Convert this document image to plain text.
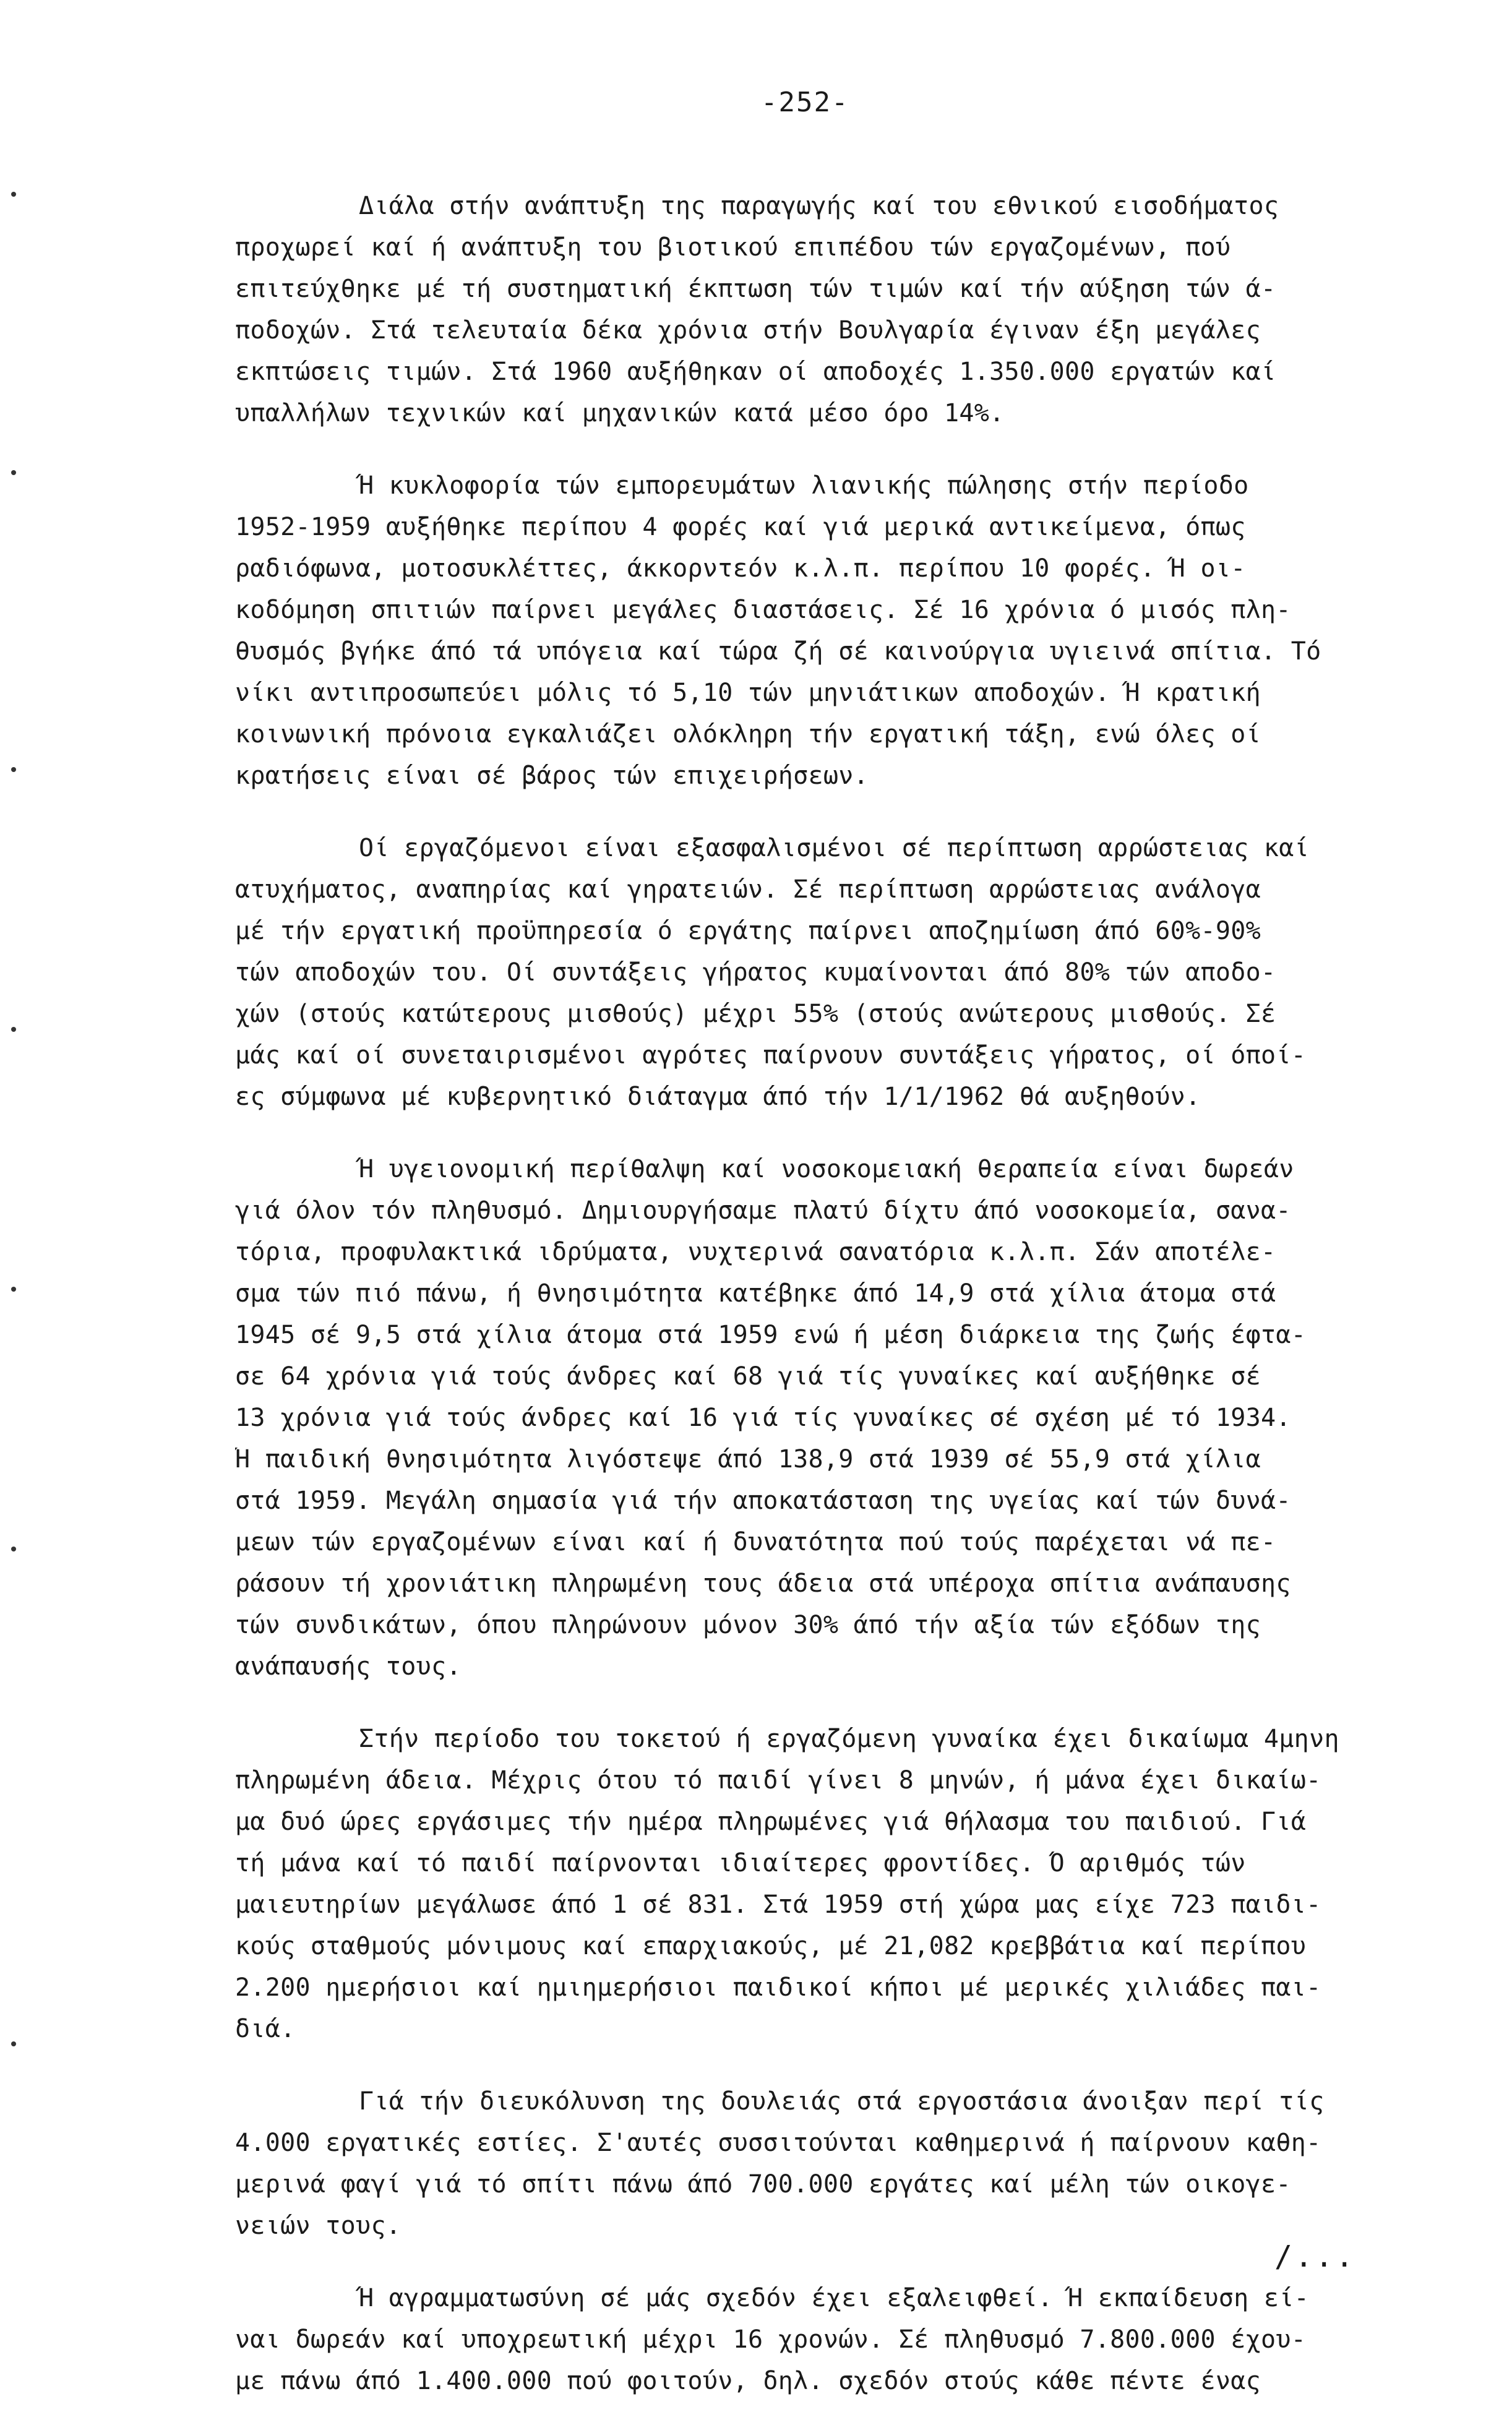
-252-
Διάλα στήν ανάπτυξη της παραγωγής καί του εθνικού εισοδήματος
προχωρεί καί ή ανάπτυξη του βιοτικού επιπέδου τών εργαζομένων, πού
επιτεύχθηκε μέ τή συστηματική έκπτωση τών τιμών καί τήν αύξηση τών ά-
ποδοχών. Στά τελευταία δέκα χρόνια στήν Βουλγαρία έγιναν έξη μεγάλες
εκπτώσεις τιμών. Στά 1960 αυξήθηκαν οί αποδοχές 1.350.000 εργατών καί
υπαλλήλων τεχνικών καί μηχανικών κατά μέσο όρο 14%.
Ή κυκλοφορία τών εμπορευμάτων λιανικής πώλησης στήν περίοδο
1952-1959 αυξήθηκε περίπου 4 φορές καί γιά μερικά αντικείμενα, όπως
ραδιόφωνα, μοτοσυκλέττες, άκκορντεόν κ.λ.π. περίπου 10 φορές. Ή οι-
κοδόμηση σπιτιών παίρνει μεγάλες διαστάσεις. Σέ 16 χρόνια ό μισός πλη-
θυσμός βγήκε άπό τά υπόγεια καί τώρα ζή σέ καινούργια υγιεινά σπίτια. Τό
νίκι αντιπροσωπεύει μόλις τό 5,10 τών μηνιάτικων αποδοχών. Ή κρατική
κοινωνική πρόνοια εγκαλιάζει ολόκληρη τήν εργατική τάξη, ενώ όλες οί
κρατήσεις είναι σέ βάρος τών επιχειρήσεων.
Οί εργαζόμενοι είναι εξασφαλισμένοι σέ περίπτωση αρρώστειας καί
ατυχήματος, αναπηρίας καί γηρατειών. Σέ περίπτωση αρρώστειας ανάλογα
μέ τήν εργατική προϋπηρεσία ό εργάτης παίρνει αποζημίωση άπό 60%-90%
τών αποδοχών του. Οί συντάξεις γήρατος κυμαίνονται άπό 80% τών αποδο-
χών (στούς κατώτερους μισθούς) μέχρι 55% (στούς ανώτερους μισθούς. Σέ
μάς καί οί συνεταιρισμένοι αγρότες παίρνουν συντάξεις γήρατος, οί όποί-
ες σύμφωνα μέ κυβερνητικό διάταγμα άπό τήν 1/1/1962 θά αυξηθούν.
Ή υγειονομική περίθαλψη καί νοσοκομειακή θεραπεία είναι δωρεάν
γιά όλον τόν πληθυσμό. Δημιουργήσαμε πλατύ δίχτυ άπό νοσοκομεία, σανα-
τόρια, προφυλακτικά ιδρύματα, νυχτερινά σανατόρια κ.λ.π. Σάν αποτέλε-
σμα τών πιό πάνω, ή θνησιμότητα κατέβηκε άπό 14,9 στά χίλια άτομα στά
1945 σέ 9,5 στά χίλια άτομα στά 1959 ενώ ή μέση διάρκεια της ζωής έφτα-
σε 64 χρόνια γιά τούς άνδρες καί 68 γιά τίς γυναίκες καί αυξήθηκε σέ
13 χρόνια γιά τούς άνδρες καί 16 γιά τίς γυναίκες σέ σχέση μέ τό 1934.
Ή παιδική θνησιμότητα λιγόστεψε άπό 138,9 στά 1939 σέ 55,9 στά χίλια
στά 1959. Μεγάλη σημασία γιά τήν αποκατάσταση της υγείας καί τών δυνά-
μεων τών εργαζομένων είναι καί ή δυνατότητα πού τούς παρέχεται νά πε-
ράσουν τή χρονιάτικη πληρωμένη τους άδεια στά υπέροχα σπίτια ανάπαυσης
τών συνδικάτων, όπου πληρώνουν μόνον 30% άπό τήν αξία τών εξόδων της
ανάπαυσής τους.
Στήν περίοδο του τοκετού ή εργαζόμενη γυναίκα έχει δικαίωμα 4μηνη
πληρωμένη άδεια. Μέχρις ότου τό παιδί γίνει 8 μηνών, ή μάνα έχει δικαίω-
μα δυό ώρες εργάσιμες τήν ημέρα πληρωμένες γιά θήλασμα του παιδιού. Γιά
τή μάνα καί τό παιδί παίρνονται ιδιαίτερες φροντίδες. Ό αριθμός τών
μαιευτηρίων μεγάλωσε άπό 1 σέ 831. Στά 1959 στή χώρα μας είχε 723 παιδι-
κούς σταθμούς μόνιμους καί επαρχιακούς, μέ 21,082 κρεββάτια καί περίπου
2.200 ημερήσιοι καί ημιημερήσιοι παιδικοί κήποι μέ μερικές χιλιάδες παι-
διά.
Γιά τήν διευκόλυνση της δουλειάς στά εργοστάσια άνοιξαν περί τίς
4.000 εργατικές εστίες. Σ'αυτές συσσιτούνται καθημερινά ή παίρνουν καθη-
μερινά φαγί γιά τό σπίτι πάνω άπό 700.000 εργάτες καί μέλη τών οικογε-
νειών τους.
Ή αγραμματωσύνη σέ μάς σχεδόν έχει εξαλειφθεί. Ή εκπαίδευση εί-
ναι δωρεάν καί υποχρεωτική μέχρι 16 χρονών. Σέ πληθυσμό 7.800.000 έχου-
με πάνω άπό 1.400.000 πού φοιτούν, δηλ. σχεδόν στούς κάθε πέντε ένας
/...
